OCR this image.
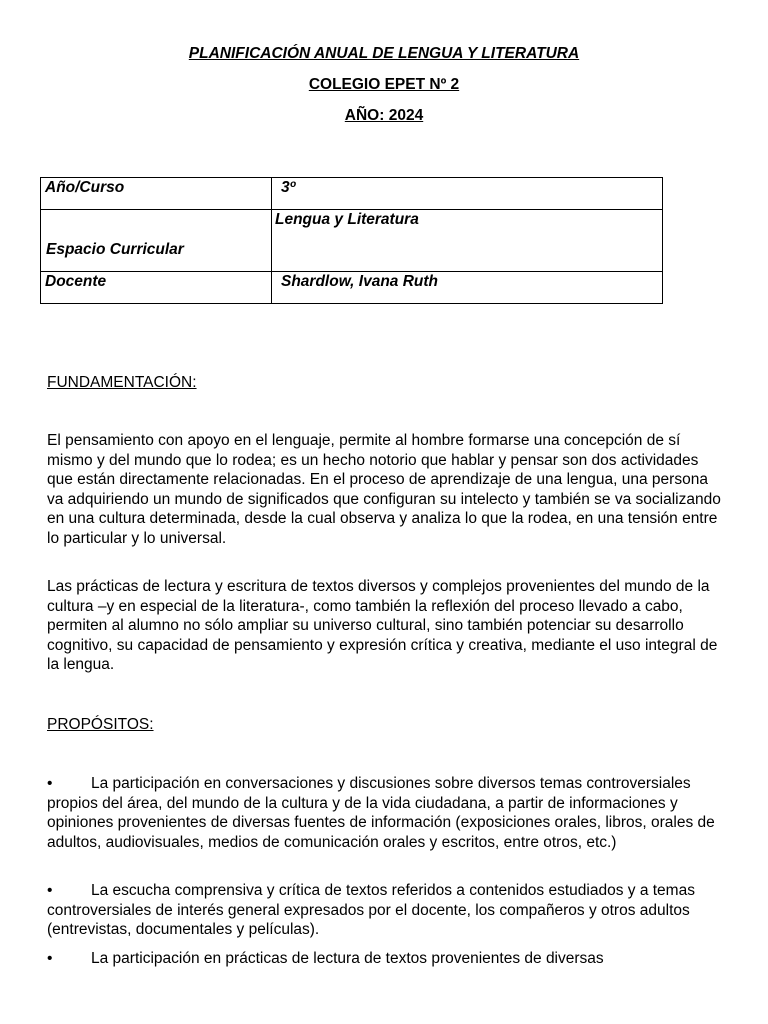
PLANIFICACIÓN ANUAL DE LENGUA Y LITERATURA
COLEGIO EPET Nº 2
AÑO: 2024
Año/Curso	3º

Espacio Curricular	Lengua y Literatura
Docente	Shardlow, Ivana Ruth
FUNDAMENTACIÓN:

El pensamiento con apoyo en el lenguaje, permite al hombre formarse una concepción de sí mismo y del mundo que lo rodea; es un hecho notorio que hablar y pensar son dos actividades que están directamente relacionadas. En el proceso de aprendizaje de una lengua, una persona va adquiriendo un mundo de significados que configuran su intelecto y también se va socializando en una cultura determinada, desde la cual observa y analiza lo que la rodea, en una tensión entre lo particular y lo universal.

Las prácticas de lectura y escritura de textos diversos y complejos provenientes del mundo de la cultura –y en especial de la literatura-, como también la reflexión del proceso llevado a cabo, permiten al alumno no sólo ampliar su universo cultural, sino también potenciar su desarrollo cognitivo, su capacidad de pensamiento y expresión crítica y creativa, mediante el uso integral de la lengua.

PROPÓSITOS:

• La participación en conversaciones y discusiones sobre diversos temas controversiales propios del área, del mundo de la cultura y de la vida ciudadana, a partir de informaciones y opiniones provenientes de diversas fuentes de información (exposiciones orales, libros, orales de adultos, audiovisuales, medios de comunicación orales y escritos, entre otros, etc.)

• La escucha comprensiva y crítica de textos referidos a contenidos estudiados y a temas controversiales de interés general expresados por el docente, los compañeros y otros adultos (entrevistas, documentales y películas).

• La participación en prácticas de lectura de textos provenientes de diversas
